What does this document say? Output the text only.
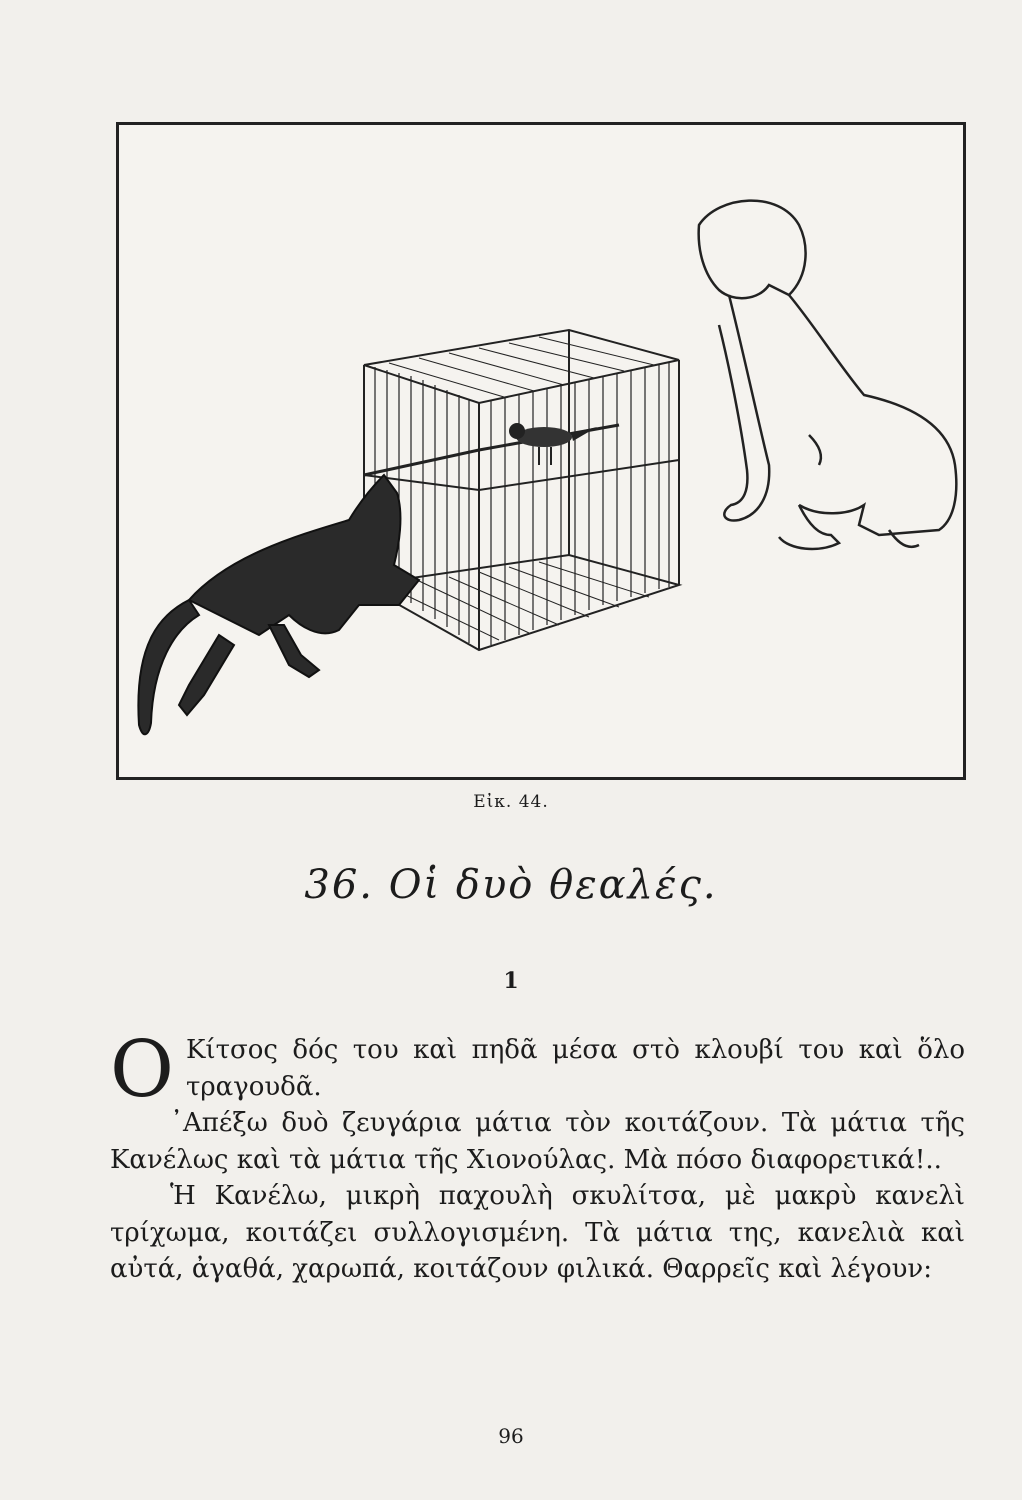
Εἰκ. 44.
36. Οἱ δυὸ θεαλές.
1

Ο Κίτσος δός του καὶ πηδᾶ μέσα στὸ κλουβί του καὶ ὅλο τραγουδᾶ.

᾿Απέξω δυὸ ζευγάρια μάτια τὸν κοιτάζουν. Τὰ μάτια τῆς Κανέλως καὶ τὰ μάτια τῆς Χιονούλας. Μὰ πόσο διαφορετικά!..

Ἡ Κανέλω, μικρὴ παχουλὴ σκυλίτσα, μὲ μακρὺ κανελὶ τρίχωμα, κοιτάζει συλλογισμένη. Τὰ μάτια της, κανελιὰ καὶ αὐτά, ἀγαθά, χαρωπά, κοιτάζουν φιλικά. Θαρρεῖς καὶ λέγουν:

96
